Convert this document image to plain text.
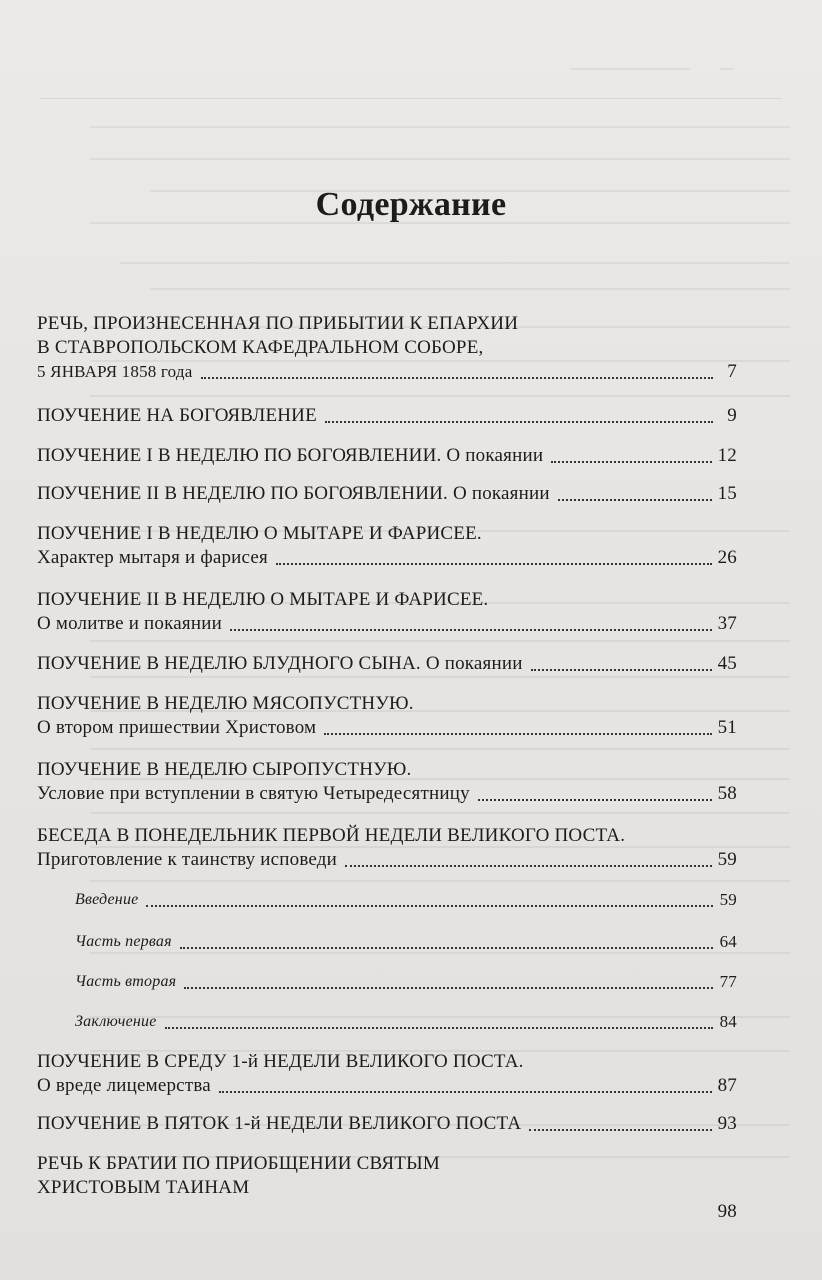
Содержание
РЕЧЬ, ПРОИЗНЕСЕННАЯ ПО ПРИБЫТИИ К ЕПАРХИИ
В СТАВРОПОЛЬСКОМ КАФЕДРАЛЬНОМ СОБОРЕ,
5 ЯНВАРЯ 1858 года	7
ПОУЧЕНИЕ НА БОГОЯВЛЕНИЕ	9
ПОУЧЕНИЕ I В НЕДЕЛЮ ПО БОГОЯВЛЕНИИ. О покаянии	12
ПОУЧЕНИЕ II В НЕДЕЛЮ ПО БОГОЯВЛЕНИИ. О покаянии	15
ПОУЧЕНИЕ I В НЕДЕЛЮ О МЫТАРЕ И ФАРИСЕЕ.
Характер мытаря и фарисея	26
ПОУЧЕНИЕ II В НЕДЕЛЮ О МЫТАРЕ И ФАРИСЕЕ.
О молитве и покаянии	37
ПОУЧЕНИЕ В НЕДЕЛЮ БЛУДНОГО СЫНА. О покаянии	45
ПОУЧЕНИЕ В НЕДЕЛЮ МЯСОПУСТНУЮ.
О втором пришествии Христовом	51
ПОУЧЕНИЕ В НЕДЕЛЮ СЫРОПУСТНУЮ.
Условие при вступлении в святую Четыредесятницу	58
БЕСЕДА В ПОНЕДЕЛЬНИК ПЕРВОЙ НЕДЕЛИ ВЕЛИКОГО ПОСТА.
Приготовление к таинству исповеди	59
Введение	59
Часть первая	64
Часть вторая	77
Заключение	84
ПОУЧЕНИЕ В СРЕДУ 1-й НЕДЕЛИ ВЕЛИКОГО ПОСТА.
О вреде лицемерства	87
ПОУЧЕНИЕ В ПЯТОК 1-й НЕДЕЛИ ВЕЛИКОГО ПОСТА	93
РЕЧЬ К БРАТИИ ПО ПРИОБЩЕНИИ СВЯТЫМ
ХРИСТОВЫМ ТАИНАМ
98
